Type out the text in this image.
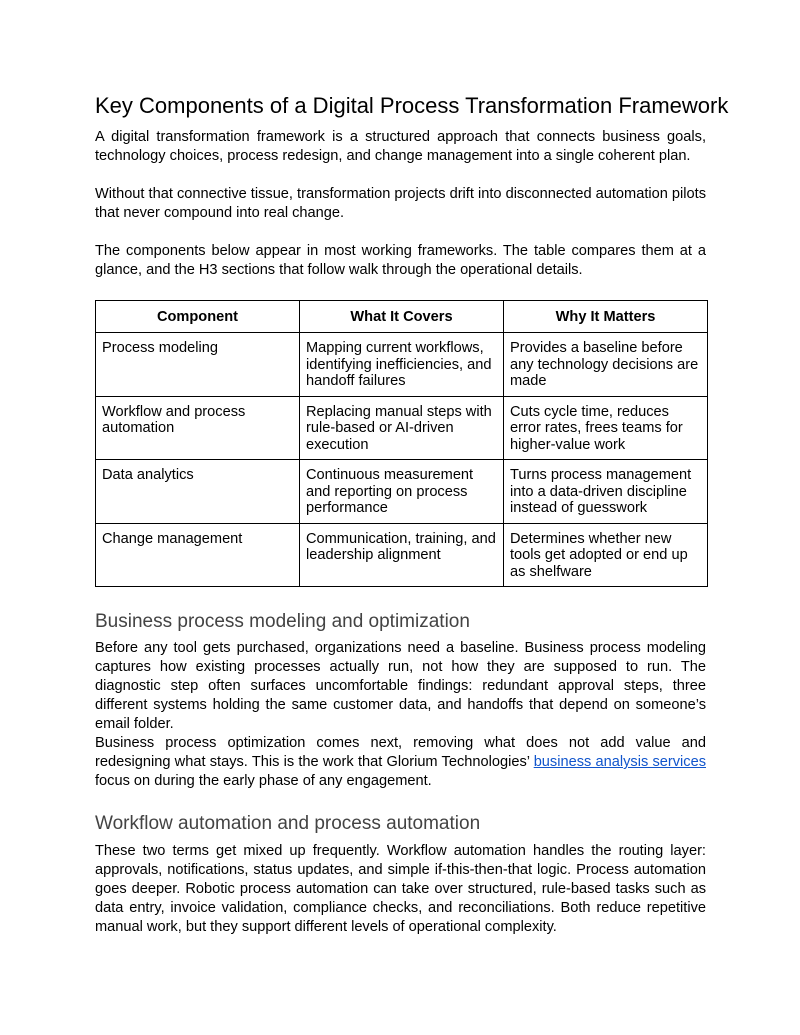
Key Components of a Digital Process Transformation Framework

A digital transformation framework is a structured approach that connects business goals, technology choices, process redesign, and change management into a single coherent plan.

Without that connective tissue, transformation projects drift into disconnected automation pilots that never compound into real change.

The components below appear in most working frameworks. The table compares them at a glance, and the H3 sections that follow walk through the operational details.

Component	What It Covers	Why It Matters
Process modeling	Mapping current workflows, identifying inefficiencies, and handoff failures	Provides a baseline before any technology decisions are made
Workflow and process automation	Replacing manual steps with rule-based or AI-driven execution	Cuts cycle time, reduces error rates, frees teams for higher-value work
Data analytics	Continuous measurement and reporting on process performance	Turns process management into a data-driven discipline instead of guesswork
Change management	Communication, training, and leadership alignment	Determines whether new tools get adopted or end up as shelfware
Business process modeling and optimization

Before any tool gets purchased, organizations need a baseline. Business process modeling captures how existing processes actually run, not how they are supposed to run. The diagnostic step often surfaces uncomfortable findings: redundant approval steps, three different systems holding the same customer data, and handoffs that depend on someone’s email folder.

Business process optimization comes next, removing what does not add value and redesigning what stays. This is the work that Glorium Technologies’ business analysis services focus on during the early phase of any engagement.

Workflow automation and process automation

These two terms get mixed up frequently. Workflow automation handles the routing layer: approvals, notifications, status updates, and simple if-this-then-that logic. Process automation goes deeper. Robotic process automation can take over structured, rule-based tasks such as data entry, invoice validation, compliance checks, and reconciliations. Both reduce repetitive manual work, but they support different levels of operational complexity.
